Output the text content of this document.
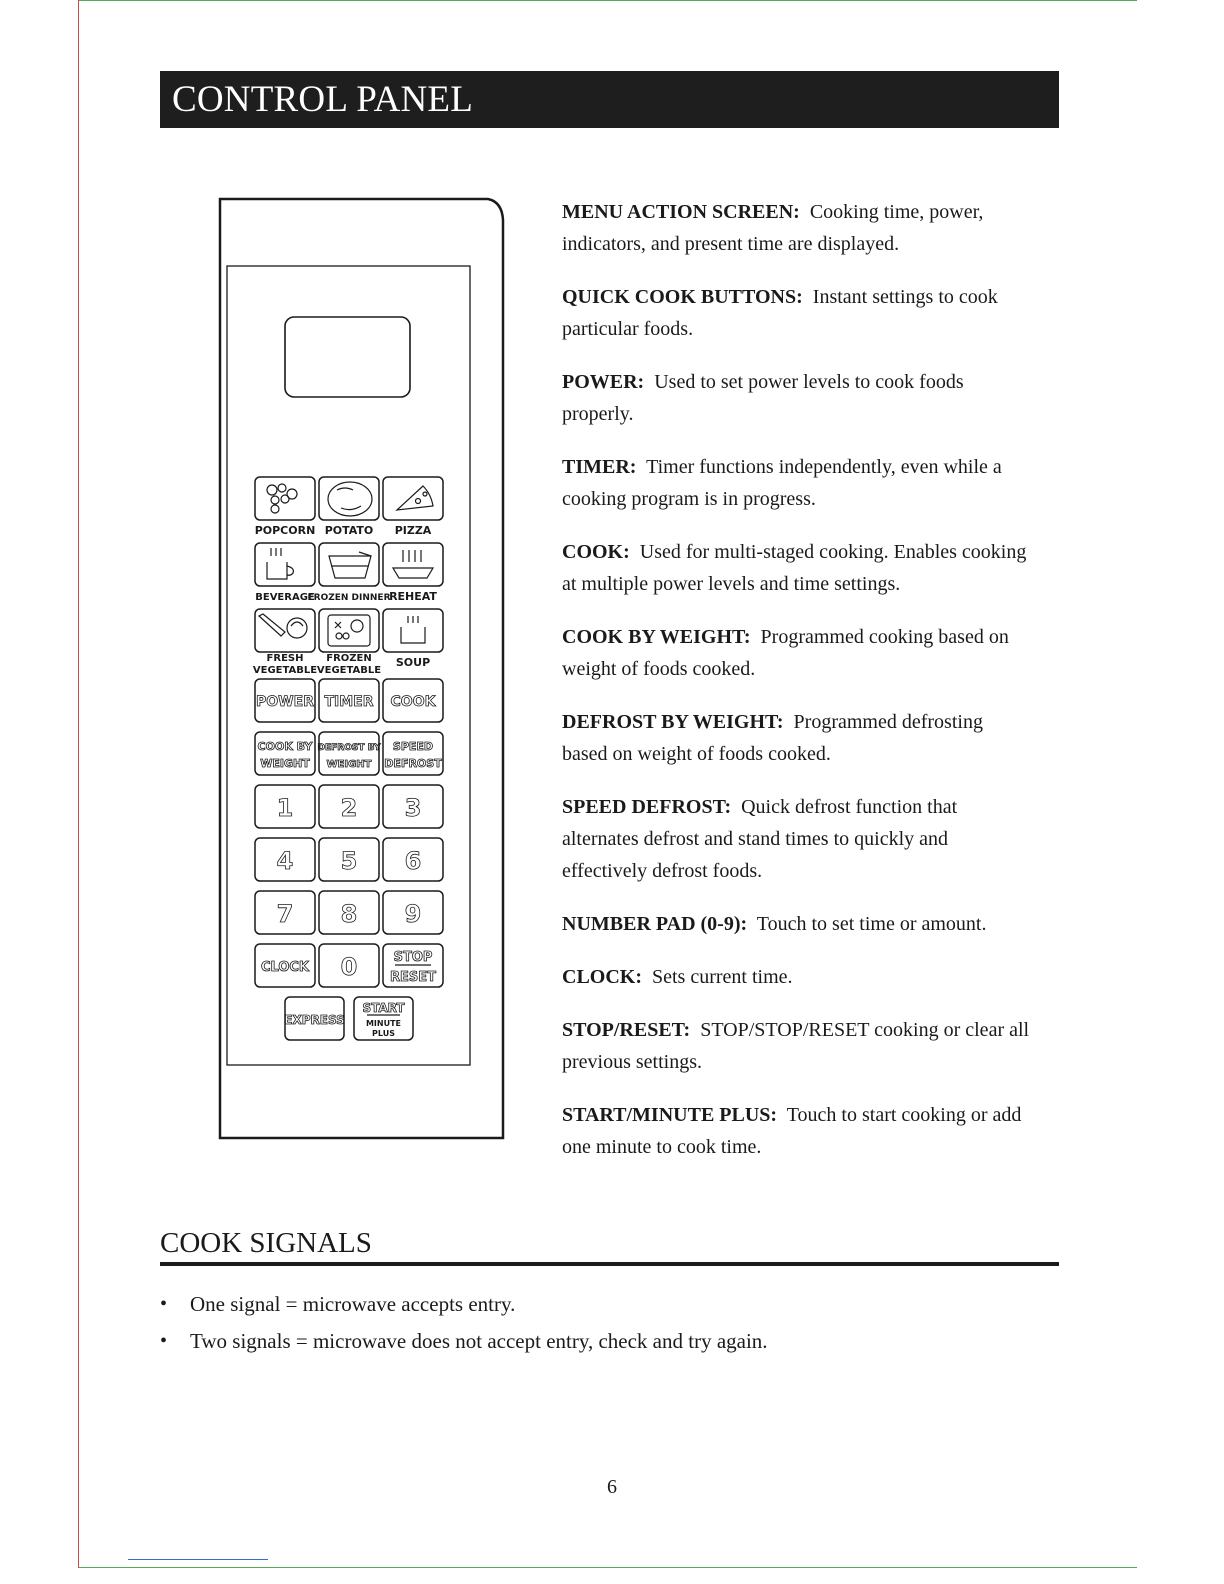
CONTROL PANEL
POPCORN POTATO PIZZA
BEVERAGE
FROZEN DINNER
REHEAT
FRESH
VEGETABLE
FROZEN
VEGETABLE
SOUP
POWER TIMER COOK
COOK BY
WEIGHT
DEFROST BY
WEIGHT
SPEED
DEFROST
1 2 3
4 5 6
7 8 9
CLOCK 0	STOP
RESET
EXPRESS
START
MINUTE
PLUS

MENU ACTION SCREEN: Cooking time, power, indicators, and present time are displayed.

QUICK COOK BUTTONS: Instant settings to cook particular foods.

POWER: Used to set power levels to cook foods properly.

TIMER: Timer functions independently, even while a cooking program is in progress.

COOK: Used for multi-staged cooking. Enables cooking at multiple power levels and time settings.

COOK BY WEIGHT: Programmed cooking based on weight of foods cooked.

DEFROST BY WEIGHT: Programmed defrosting based on weight of foods cooked.

SPEED DEFROST: Quick defrost function that alternates defrost and stand times to quickly and effectively defrost foods.

NUMBER PAD (0-9): Touch to set time or amount.

CLOCK: Sets current time.

STOP/RESET: STOP/STOP/RESET cooking or clear all previous settings.

START/MINUTE PLUS: Touch to start cooking or add one minute to cook time.

COOK SIGNALS
• One signal = microwave accepts entry.
• Two signals = microwave does not accept entry, check and try again.
6
